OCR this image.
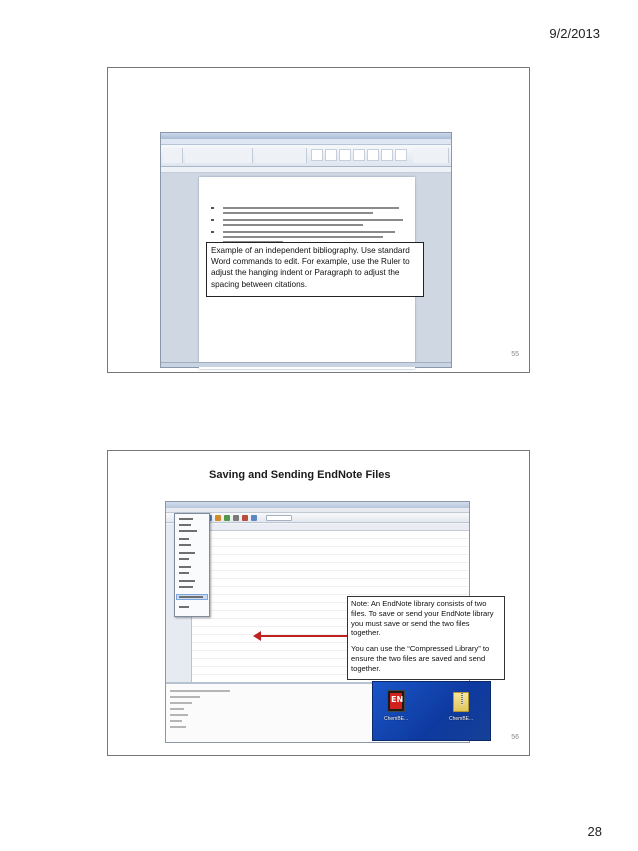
9/2/2013
Example of an independent bibliography. Use standard Word commands to edit. For example, use the Ruler to adjust the hanging indent or Paragraph to adjust the spacing between citations.
55
Saving and Sending EndNote Files
Note: An EndNote library consists of two files. To save or send your EndNote library you must save or send the two files together.
You can use the “Compressed Library” to ensure the two files are saved and send together.
EN
ChemBE...	ChemBE...
56
28
